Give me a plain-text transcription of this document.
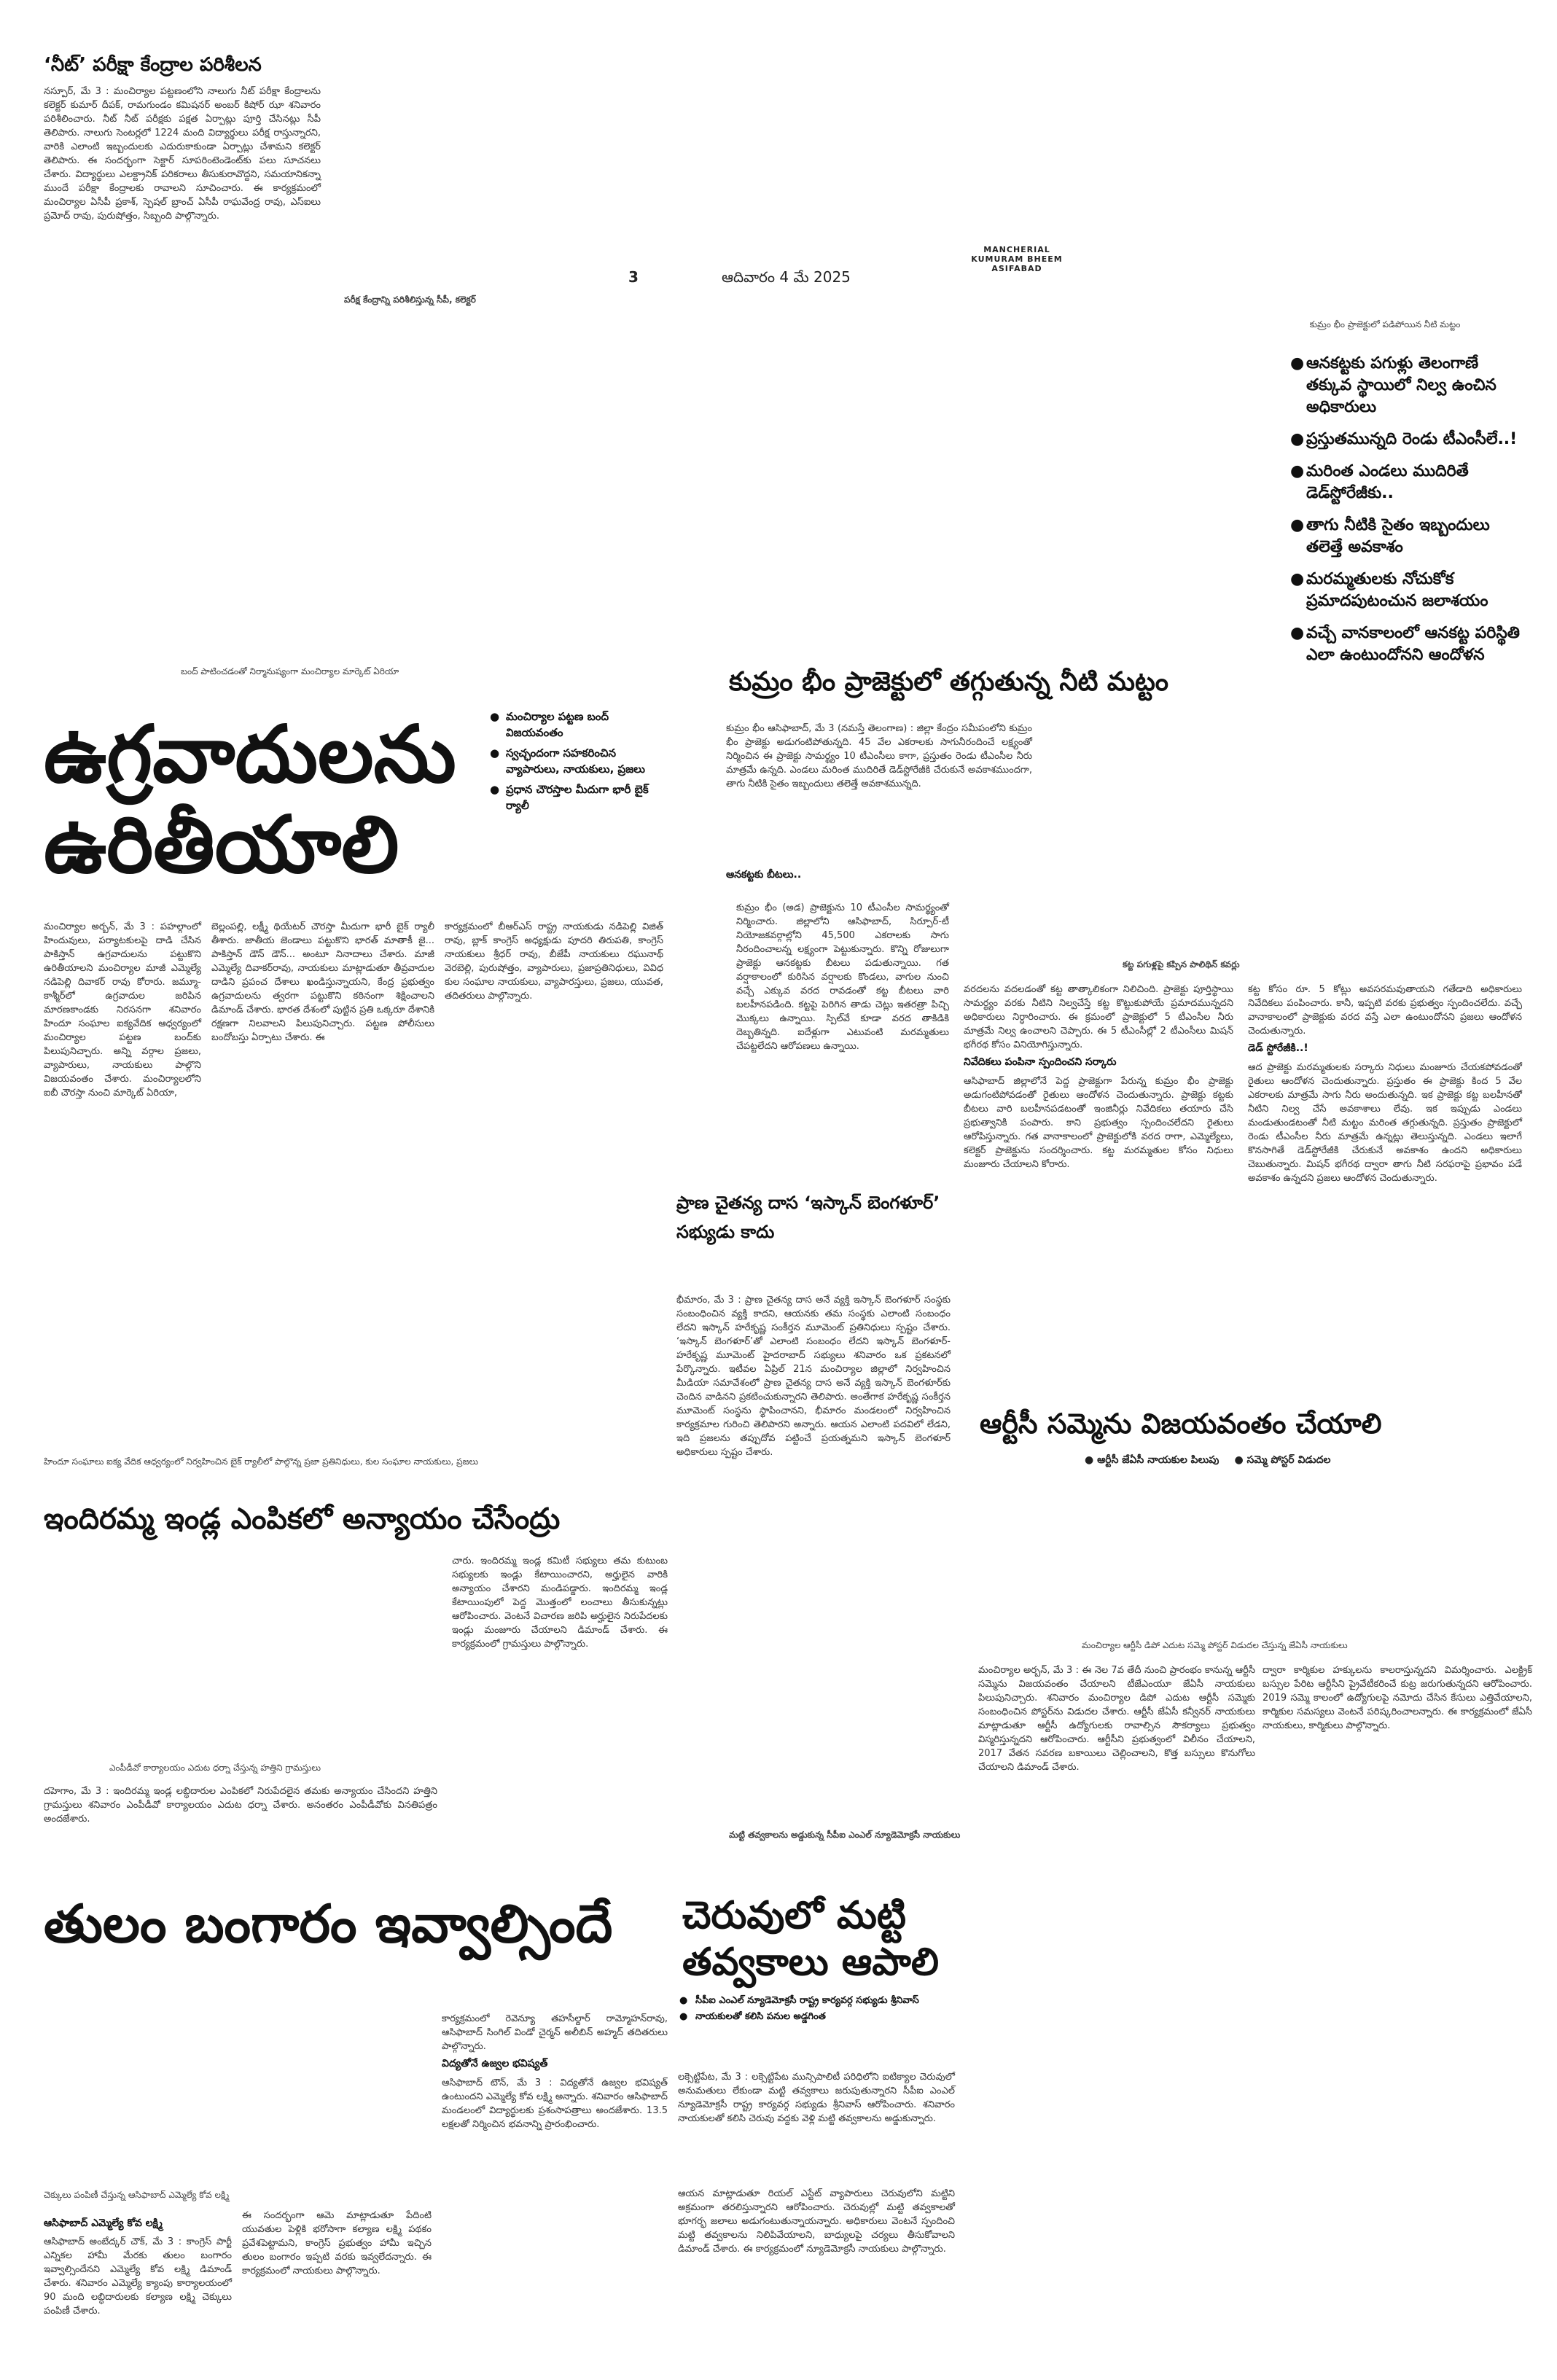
‘నీట్’ పరీక్షా కేంద్రాల పరిశీలన

నస్పూర్, మే 3 : మంచిర్యాల పట్టణంలోని నాలుగు నీట్ పరీక్షా కేంద్రాలను కలెక్టర్ కుమార్ దీపక్, రామగుండం కమిషనర్ అంబర్ కిషోర్ ఝా శనివారం పరిశీలించారు. నీట్ నీట్ పరీక్షకు పక్షత ఏర్పాట్లు పూర్తి చేసినట్లు సీపీ తెలిపారు. నాలుగు సెంటర్లలో 1224 మంది విద్యార్థులు పరీక్ష రాస్తున్నారని, వారికి ఎలాంటి ఇబ్బందులకు ఎదురుకాకుండా ఏర్పాట్లు చేశామని కలెక్టర్ తెలిపారు. ఈ సందర్భంగా సెక్టార్ సూపరింటెండెంట్‌కు పలు సూచనలు చేశారు. విద్యార్థులు ఎలక్ట్రానిక్ పరికరాలు తీసుకురావొద్దని, సమయానికన్నా ముందే పరీక్షా కేంద్రాలకు రావాలని సూచించారు. ఈ కార్యక్రమంలో మంచిర్యాల ఏసీపీ ప్రకాశ్, స్పెషల్ బ్రాంచ్ ఏసీపీ రాఘవేంద్ర రావు, ఎస్‌ఐలు ప్రమోద్ రావు, పురుషోత్తం, సిబ్బంది పాల్గొన్నారు.

పరీక్ష కేంద్రాన్ని పరిశీలిస్తున్న సీపీ, కలెక్టర్
3	ఆదివారం 4 మే 2025
MANCHERIAL
KUMURAM BHEEM
ASIFABAD
కుమ్రం భీం ప్రాజెక్టులో పడిపోయిన నీటి మట్టం
● ఆనకట్టకు పగుళ్లు తెలంగాణే తక్కువ స్థాయిలో నిల్వ ఉంచిన అధికారులు
● ప్రస్తుతమున్నది రెండు టీఎంసీలే..!
● మరింత ఎండలు ముదిరితే డెడ్‌స్టోరేజీకు..
● తాగు నీటికి సైతం ఇబ్బందులు తలెత్తే అవకాశం
● మరమ్మతులకు నోచుకోక ప్రమాదపుటంచున జలాశయం
● వచ్చే వానకాలంలో ఆనకట్ట పరిస్థితి ఎలా ఉంటుందోనని ఆందోళన
బంద్ పాటించడంతో నిర్మానుష్యంగా మంచిర్యాల మార్కెట్ ఏరియా
ఉగ్రవాదులను ఉరితీయాలి
● మంచిర్యాల పట్టణ బంద్ విజయవంతం
● స్వచ్ఛందంగా సహకరించిన వ్యాపారులు, నాయకులు, ప్రజలు
● ప్రధాన చౌరస్తాల మీదుగా భారీ బైక్ ర్యాలీ

మంచిర్యాల అర్బన్, మే 3 : పహల్గాంలో హిందువులు, పర్యాటకులపై దాడి చేసిన పాకిస్తాన్ ఉగ్రవాదులను పట్టుకొని ఉరితీయాలని మంచిర్యాల మాజీ ఎమ్మెల్యే నడిపెల్లి దివాకర్ రావు కోరారు. జమ్మూ-కాశ్మీర్‌లో ఉగ్రవాదుల జరిపిన మారణకాండకు నిరసనగా శనివారం హిందూ సంఘాల ఐక్యవేదిక ఆధ్వర్యంలో మంచిర్యాల పట్టణ బంద్‌కు పిలుపునిచ్చారు. అన్ని వర్గాల ప్రజలు, వ్యాపారులు, నాయకులు పాల్గొని విజయవంతం చేశారు. మంచిర్యాలలోని ఐబీ చౌరస్తా నుంచి మార్కెట్ ఏరియా,

బెల్లంపల్లి, లక్ష్మీ థియేటర్ చౌరస్తా మీదుగా భారీ బైక్ ర్యాలీ తీశారు. జాతీయ జెండాలు పట్టుకొని భారత్ మాతాకీ జై... పాకిస్తాన్ డౌన్ డౌన్... అంటూ నినాదాలు చేశారు. మాజీ ఎమ్మెల్యే దివాకర్‌రావు, నాయకులు మాట్లాడుతూ తీవ్రవాదుల దాడిని ప్రపంచ దేశాలు ఖండిస్తున్నాయని, కేంద్ర ప్రభుత్వం ఉగ్రవాదులను త్వరగా పట్టుకొని కఠినంగా శిక్షించాలని డిమాండ్ చేశారు. భారత దేశంలో పుట్టిన ప్రతి ఒక్కరూ దేశానికి రక్షణగా నిలవాలని పిలుపునిచ్చారు. పట్టణ పోలీసులు బందోబస్తు ఏర్పాటు చేశారు. ఈ

కార్యక్రమంలో బీఆర్‌ఎస్ రాష్ట్ర నాయకుడు నడిపెల్లి విజిత్ రావు, బ్లాక్ కాంగ్రెస్ అధ్యక్షుడు పూదరి తిరుపతి, కాంగ్రెస్ నాయకులు శ్రీధర్ రావు, బీజేపీ నాయకులు రఘునాథ్ వెరబెల్లి, పురుషోత్తం, వ్యాపారులు, ప్రజాప్రతినిధులు, వివిధ కుల సంఘాల నాయకులు, వ్యాపారస్తులు, ప్రజలు, యువత, తదితరులు పాల్గొన్నారు.

హిందూ సంఘాలు ఐక్య వేదిక ఆధ్వర్యంలో నిర్వహించిన బైక్ ర్యాలీలో పాల్గొన్న ప్రజా ప్రతినిధులు, కుల సంఘాల నాయకులు, ప్రజలు
కుమ్రం భీం ప్రాజెక్టులో తగ్గుతున్న నీటి మట్టం

కుమ్రం భీం ఆసిఫాబాద్, మే 3 (నమస్తే తెలంగాణ) : జిల్లా కేంద్రం సమీపంలోని కుమ్రం భీం ప్రాజెక్టు అడుగంటిపోతున్నది. 45 వేల ఎకరాలకు సాగునీరందించే లక్ష్యంతో నిర్మించిన ఈ ప్రాజెక్టు సామర్థ్యం 10 టీఎంసీలు కాగా, ప్రస్తుతం రెండు టీఎంసీల నీరు మాత్రమే ఉన్నది. ఎండలు మరింత ముదిరితే డెడ్‌స్టోరేజీకి చేరుకునే అవకాశముందగా, తాగు నీటికి సైతం ఇబ్బందులు తలెత్తే అవకాశమున్నది.

ఆనకట్టకు బీటలు..

కుమ్రం భీం (అడ) ప్రాజెక్టును 10 టీఎంసీల సామర్థ్యంతో నిర్మించారు. జిల్లాలోని ఆసిఫాబాద్, సిర్పూర్-టీ నియోజకవర్గాల్లోని 45,500 ఎకరాలకు సాగు నీరందించాలన్న లక్ష్యంగా పెట్టుకున్నారు. కొన్ని రోజులుగా ప్రాజెక్టు ఆనకట్టకు బీటలు పడుతున్నాయి. గత వర్షాకాలంలో కురిసిన వర్షాలకు కొండలు, వాగుల నుంచి వచ్చే ఎక్కువ వరద రావడంతో కట్ట బీటలు వారి బలహీనపడింది. కట్టపై పెరిగిన తాడు చెట్లు ఇతరత్రా పిచ్చి మొక్కలు ఉన్నాయి. స్పిల్‌వే కూడా వరద తాకిడికి దెబ్బతిన్నది. ఐదేళ్లుగా ఎటువంటి మరమ్మతులు చేపట్టలేదని ఆరోపణలు ఉన్నాయి.

కట్ట పగుళ్లపై కప్పిన పాలిథిన్ కవర్లు

వరదలను వదలడంతో కట్ట తాత్కాలికంగా నిలిచింది. ప్రాజెక్టు పూర్తిస్థాయి సామర్థ్యం వరకు నీటిని నిల్వచేస్తే కట్ట కొట్టుకుపోయే ప్రమాదమున్నదని అధికారులు నిర్ధారించారు. ఈ క్రమంలో ప్రాజెక్టులో 5 టీఎంసీల నీరు మాత్రమే నిల్వ ఉంచాలని చెప్పారు. ఈ 5 టీఎంసీల్లో 2 టీఎంసీలు మిషన్ భగీరథ కోసం వినియోగిస్తున్నారు.

నివేదికలు పంపినా స్పందించని సర్కారు

ఆసిఫాబాద్ జిల్లాలోనే పెద్ద ప్రాజెక్టుగా పేరున్న కుమ్రం భీం ప్రాజెక్టు అడుగంటిపోవడంతో రైతులు ఆందోళన చెందుతున్నారు. ప్రాజెక్టు కట్టకు బీటలు వారి బలహీనపడటంతో ఇంజినీర్లు నివేదికలు తయారు చేసి ప్రభుత్వానికి పంపారు. కాని ప్రభుత్వం స్పందించలేదని రైతులు ఆరోపిస్తున్నారు. గత వానాకాలంలో ప్రాజెక్టులోకి వరద రాగా, ఎమ్మెల్యేలు, కలెక్టర్ ప్రాజెక్టును సందర్శించారు. కట్ట మరమ్మతుల కోసం నిధులు మంజూరు చేయాలని కోరారు.

కట్ట కోసం రూ. 5 కోట్లు అవసరమవుతాయని గతేడాది అధికారులు నివేదికలు పంపించారు. కానీ, ఇప్పటి వరకు ప్రభుత్వం స్పందించలేదు. వచ్చే వానాకాలంలో ప్రాజెక్టుకు వరద వస్తే ఎలా ఉంటుందోనని ప్రజలు ఆందోళన చెందుతున్నారు.

డెడ్ స్టోరేజీకి..!

ఆద ప్రాజెక్టు మరమ్మతులకు సర్కారు నిధులు మంజూరు చేయకపోవడంతో రైతులు ఆందోళన చెందుతున్నారు. ప్రస్తుతం ఈ ప్రాజెక్టు కింద 5 వేల ఎకరాలకు మాత్రమే సాగు నీరు అందుతున్నది. ఇక ప్రాజెక్టు కట్ట బలహీనతో నీటిని నిల్వ చేసే అవకాశాలు లేవు. ఇక ఇప్పుడు ఎండలు మండుతుండటంతో నీటి మట్టం మరింత తగ్గుతున్నది. ప్రస్తుతం ప్రాజెక్టులో రెండు టీఎంసీల నీరు మాత్రమే ఉన్నట్లు తెలుస్తున్నది. ఎండలు ఇలాగే కొనసాగితే డెడ్‌స్టోరేజీకి చేరుకునే అవకాశం ఉందని అధికారులు చెబుతున్నారు. మిషన్ భగీరథ ద్వారా తాగు నీటి సరఫరాపై ప్రభావం పడే అవకాశం ఉన్నదని ప్రజలు ఆందోళన చెందుతున్నారు.

ప్రాణ చైతన్య దాస ‘ఇస్కాన్ బెంగళూర్’ సభ్యుడు కాదు

భీమారం, మే 3 : ప్రాణ చైతన్య దాస అనే వ్యక్తి ఇస్కాన్ బెంగళూర్ సంస్థకు సంబంధించిన వ్యక్తి కాదని, ఆయనకు తమ సంస్థకు ఎలాంటి సంబంధం లేదని ఇస్కాన్ హరేకృష్ణ సంకీర్తన మూమెంట్ ప్రతినిధులు స్పష్టం చేశారు. ‘ఇస్కాన్ బెంగళూర్’తో ఎలాంటి సంబంధం లేదని ఇస్కాన్ బెంగళూర్-హరేకృష్ణ మూమెంట్ హైదరాబాద్ సభ్యులు శనివారం ఒక ప్రకటనలో పేర్కొన్నారు. ఇటీవల ఏప్రిల్ 21న మంచిర్యాల జిల్లాలో నిర్వహించిన మీడియా సమావేశంలో ప్రాణ చైతన్య దాస అనే వ్యక్తి ఇస్కాన్ బెంగళూర్‌కు చెందిన వాడినని ప్రకటించుకున్నారని తెలిపారు. అంతేగాక హరేకృష్ణ సంకీర్తన మూమెంట్ సంస్థను స్థాపించానని, భీమారం మండలంలో నిర్వహించిన కార్యక్రమాల గురించి తెలిపారని అన్నారు. ఆయన ఎలాంటి పదవిలో లేడని, ఇది ప్రజలను తప్పుదోవ పట్టించే ప్రయత్నమని ఇస్కాన్ బెంగళూర్ అధికారులు స్పష్టం చేశారు.

ఆర్టీసీ సమ్మెను విజయవంతం చేయాలి
● ఆర్టీసీ జేఏసీ నాయకుల పిలుపు ●	సమ్మె పోస్టర్ విడుదల
మంచిర్యాల ఆర్టీసీ డిపో ఎదుట సమ్మె పోస్టర్ విడుదల చేస్తున్న జేఏసీ నాయకులు

మంచిర్యాల అర్బన్, మే 3 : ఈ నెల 7వ తేదీ నుంచి ప్రారంభం కానున్న ఆర్టీసీ సమ్మెను విజయవంతం చేయాలని టీజేఎంయూ జేఏసీ నాయకులు పిలుపునిచ్చారు. శనివారం మంచిర్యాల డిపో ఎదుట ఆర్టీసీ సమ్మెకు సంబంధించిన పోస్టర్‌ను విడుదల చేశారు. ఆర్టీసీ జేఏసీ కన్వీనర్ నాయకులు మాట్లాడుతూ ఆర్టీసీ ఉద్యోగులకు రావాల్సిన సౌకర్యాలు ప్రభుత్వం విస్మరిస్తున్నదని ఆరోపించారు. ఆర్టీసీని ప్రభుత్వంలో విలీనం చేయాలని, 2017 వేతన సవరణ బకాయిలు చెల్లించాలని, కొత్త బస్సులు కొనుగోలు చేయాలని డిమాండ్ చేశారు.

ద్వారా కార్మికుల హక్కులను కాలరాస్తున్నదని విమర్శించారు. ఎలక్ట్రిక్ బస్సుల పేరిట ఆర్టీసీని ప్రైవేటీకరించే కుట్ర జరుగుతున్నదని ఆరోపించారు. 2019 సమ్మె కాలంలో ఉద్యోగులపై నమోదు చేసిన కేసులు ఎత్తివేయాలని, కార్మికుల సమస్యలు వెంటనే పరిష్కరించాలన్నారు. ఈ కార్యక్రమంలో జేఏసీ నాయకులు, కార్మికులు పాల్గొన్నారు.

ఇందిరమ్మ ఇండ్ల ఎంపికలో అన్యాయం చేసేంద్రు

చారు. ఇందిరమ్మ ఇండ్ల కమిటీ సభ్యులు తమ కుటుంబ సభ్యులకు ఇండ్లు కేటాయించారని, అర్హులైన వారికి అన్యాయం చేశారని మండిపడ్డారు. ఇందిరమ్మ ఇండ్ల కేటాయింపులో పెద్ద మొత్తంలో లంచాలు తీసుకున్నట్లు ఆరోపించారు. వెంటనే విచారణ జరిపి అర్హులైన నిరుపేదలకు ఇండ్లు మంజూరు చేయాలని డిమాండ్ చేశారు. ఈ కార్యక్రమంలో గ్రామస్తులు పాల్గొన్నారు.

ఎంపీడీవో కార్యాలయం ఎదుట ధర్నా చేస్తున్న హత్తిని గ్రామస్తులు

దహెగాం, మే 3 : ఇందిరమ్మ ఇండ్ల లబ్ధిదారుల ఎంపికలో నిరుపేదలైన తమకు అన్యాయం చేసిందని హత్తిని గ్రామస్తులు శనివారం ఎంపీడీవో కార్యాలయం ఎదుట ధర్నా చేశారు. అనంతరం ఎంపీడీవోకు వినతిపత్రం అందజేశారు.

మట్టి తవ్వకాలను అడ్డుకున్న సీపీఐ ఎంఎల్ న్యూడెమోక్రసీ నాయకులు
చెరువులో మట్టి తవ్వకాలు ఆపాలి
● సీపీఐ ఎంఎల్ న్యూడెమోక్రసీ రాష్ట్ర కార్యవర్గ సభ్యుడు శ్రీనివాస్
● నాయకులతో కలిసి పనుల అడ్డగింత

లక్సెట్టిపేట, మే 3 : లక్సెట్టిపేట మున్సిపాలిటీ పరిధిలోని ఐటిక్యాల చెరువులో అనుమతులు లేకుండా మట్టి తవ్వకాలు జరుపుతున్నారని సీపీఐ ఎంఎల్ న్యూడెమోక్రసీ రాష్ట్ర కార్యవర్గ సభ్యుడు శ్రీనివాస్ ఆరోపించారు. శనివారం నాయకులతో కలిసి చెరువు వద్దకు వెళ్లి మట్టి తవ్వకాలను అడ్డుకున్నారు.

ఆయన మాట్లాడుతూ రియల్ ఎస్టేట్ వ్యాపారులు చెరువులోని మట్టిని అక్రమంగా తరలిస్తున్నారని ఆరోపించారు. చెరువుల్లో మట్టి తవ్వకాలతో భూగర్భ జలాలు అడుగంటుతున్నాయన్నారు. అధికారులు వెంటనే స్పందించి మట్టి తవ్వకాలను నిలిపివేయాలని, బాధ్యులపై చర్యలు తీసుకోవాలని డిమాండ్ చేశారు. ఈ కార్యక్రమంలో న్యూడెమోక్రసీ నాయకులు పాల్గొన్నారు.

తులం బంగారం ఇవ్వాల్సిందే

కార్యక్రమంలో రెవెన్యూ తహసీల్దార్ రామ్మోహన్‌రావు, ఆసిఫాబాద్ సింగిల్ విండో చైర్మన్ అలీబిన్ అహ్మద్ తదితరులు పాల్గొన్నారు.

విద్యతోనే ఉజ్వల భవిష్యత్

ఆసిఫాబాద్ టౌన్, మే 3 : విద్యతోనే ఉజ్వల భవిష్యత్ ఉంటుందని ఎమ్మెల్యే కోవ లక్ష్మి అన్నారు. శనివారం ఆసిఫాబాద్ మండలంలో విద్యార్థులకు ప్రశంసాపత్రాలు అందజేశారు. 13.5 లక్షలతో నిర్మించిన భవనాన్ని ప్రారంభించారు.

చెక్కులు పంపిణీ చేస్తున్న ఆసిఫాబాద్ ఎమ్మెల్యే కోవ లక్ష్మి
ఆసిఫాబాద్ ఎమ్మెల్యే కోవ లక్ష్మి

ఆసిఫాబాద్ అంబేద్కర్ చౌక్, మే 3 : కాంగ్రెస్ పార్టీ ఎన్నికల హామీ మేరకు తులం బంగారం ఇవ్వాల్సిందేనని ఎమ్మెల్యే కోవ లక్ష్మి డిమాండ్ చేశారు. శనివారం ఎమ్మెల్యే క్యాంపు కార్యాలయంలో 90 మంది లబ్ధిదారులకు కల్యాణ లక్ష్మి చెక్కులు పంపిణీ చేశారు.

ఈ సందర్భంగా ఆమె మాట్లాడుతూ పేదింటి యువతుల పెళ్లికి భరోసాగా కల్యాణ లక్ష్మి పథకం ప్రవేశపెట్టామని, కాంగ్రెస్ ప్రభుత్వం హామీ ఇచ్చిన తులం బంగారం ఇప్పటి వరకు ఇవ్వలేదన్నారు. ఈ కార్యక్రమంలో నాయకులు పాల్గొన్నారు.
